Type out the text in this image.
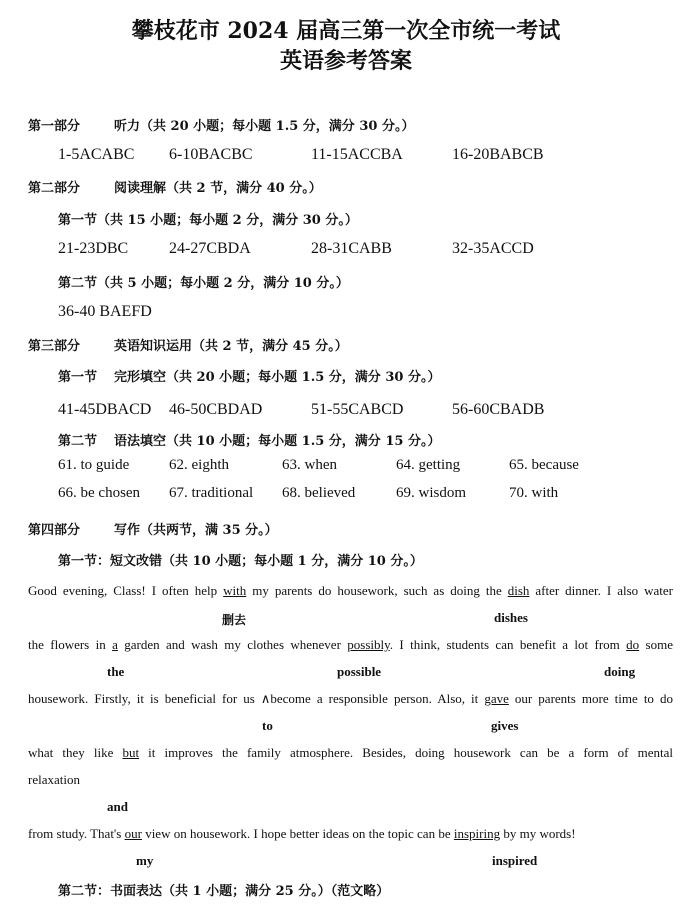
攀枝花市 2024 届高三第一次全市统一考试
英语参考答案
第一部分	听力（共 20 小题；每小题 1.5 分，满分 30 分。）
1-5ACABC 6-10BACBC	11-15ACCBA	16-20BABCB
第二部分	阅读理解（共 2 节，满分 40 分。）
第一节（共 15 小题；每小题 2 分，满分 30 分。）
21-23DBC	24-27CBDA	28-31CABB	32-35ACCD
第二节（共 5 小题；每小题 2 分，满分 10 分。）
36-40 BAEFD
第三部分	英语知识运用（共 2 节，满分 45 分。）
第一节 完形填空（共 20 小题；每小题 1.5 分，满分 30 分。）
41-45DBACD 46-50CBDAD	51-55CABCD	56-60CBADB
第二节 语法填空（共 10 小题；每小题 1.5 分，满分 15 分。）
61. to guide	62. eighth	63. when	64. getting	65. because
66. be chosen 67. traditional 68. believed	69. wisdom	70. with
第四部分	写作（共两节，满 35 分。）
第一节：短文改错（共 10 小题；每小题 1 分，满分 10 分。）
Good evening, Class! I often help with my parents do housework, such as doing the dish after dinner. I also water
删去	dishes
the flowers in a garden and wash my clothes whenever possibly. I think, students can benefit a lot from do some
the	possible	doing
housework. Firstly, it is beneficial for us ∧become a responsible person. Also, it gave our parents more time to do
to	gives
what they like but it improves the family atmosphere. Besides, doing housework can be a form of mental
relaxation
and
from study. That's our view on housework. I hope better ideas on the topic can be inspiring by my words!
my	inspired
第二节：书面表达（共 1 小题；满分 25 分。）（范文略）
